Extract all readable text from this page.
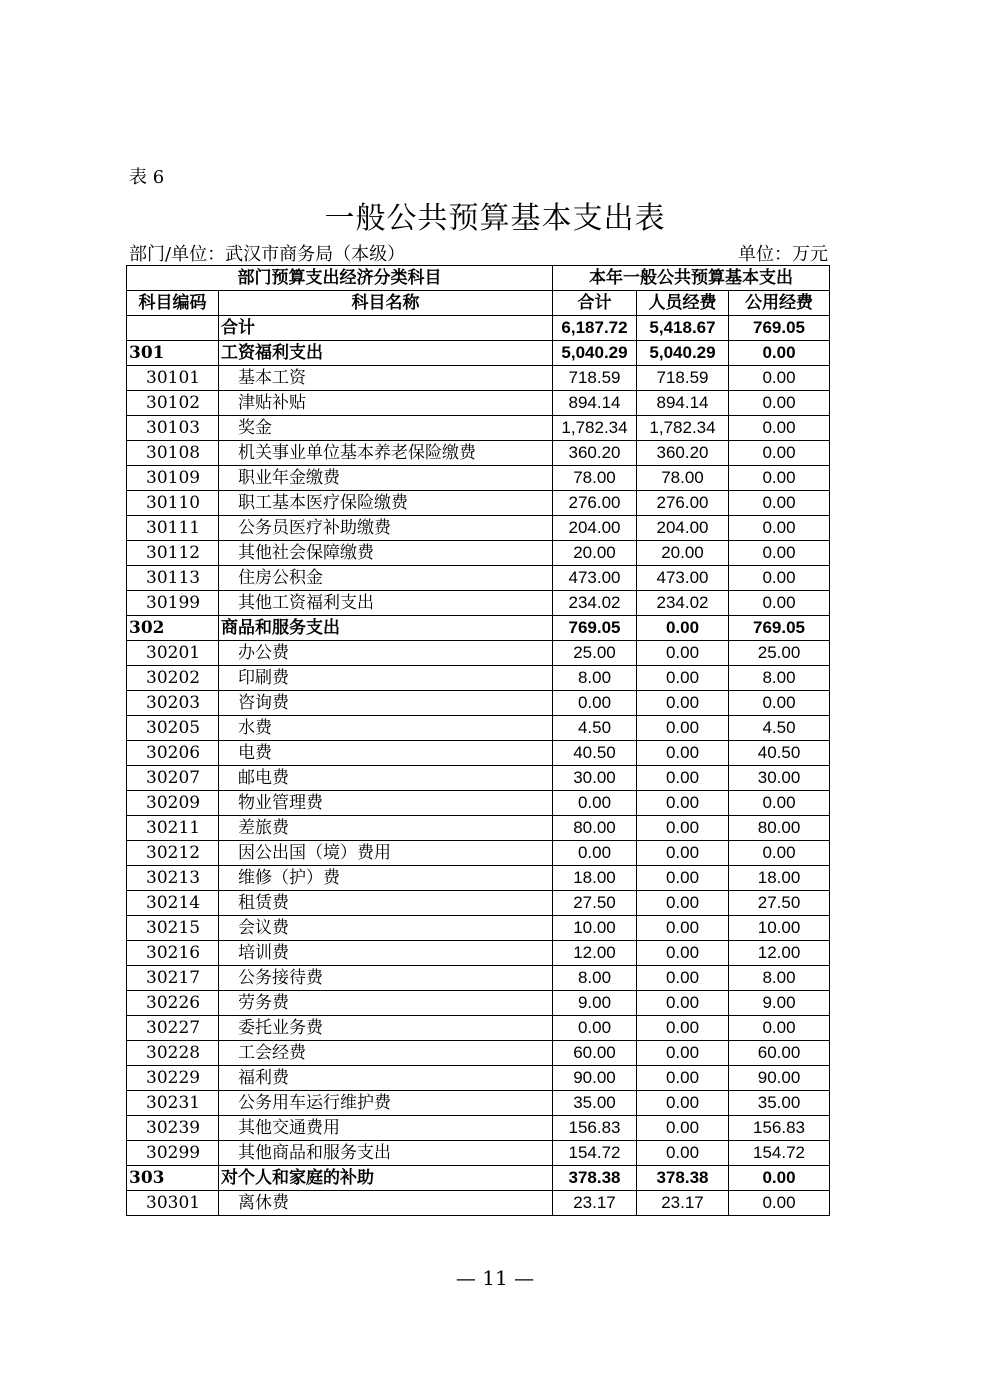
表 6
一般公共预算基本支出表
部门/单位：武汉市商务局（本级）	单位：万元
部门预算支出经济分类科目		本年一般公共预算基本支出		
科目编码	科目名称	合计	人员经费	公用经费
	合计	6,187.72	5,418.67	769.05
301	工资福利支出	5,040.29	5,040.29	0.00
30101	基本工资	718.59	718.59	0.00
30102	津贴补贴	894.14	894.14	0.00
30103	奖金	1,782.34	1,782.34	0.00
30108	机关事业单位基本养老保险缴费	360.20	360.20	0.00
30109	职业年金缴费	78.00	78.00	0.00
30110	职工基本医疗保险缴费	276.00	276.00	0.00
30111	公务员医疗补助缴费	204.00	204.00	0.00
30112	其他社会保障缴费	20.00	20.00	0.00
30113	住房公积金	473.00	473.00	0.00
30199	其他工资福利支出	234.02	234.02	0.00
302	商品和服务支出	769.05	0.00	769.05
30201	办公费	25.00	0.00	25.00
30202	印刷费	8.00	0.00	8.00
30203	咨询费	0.00	0.00	0.00
30205	水费	4.50	0.00	4.50
30206	电费	40.50	0.00	40.50
30207	邮电费	30.00	0.00	30.00
30209	物业管理费	0.00	0.00	0.00
30211	差旅费	80.00	0.00	80.00
30212	因公出国（境）费用	0.00	0.00	0.00
30213	维修（护）费	18.00	0.00	18.00
30214	租赁费	27.50	0.00	27.50
30215	会议费	10.00	0.00	10.00
30216	培训费	12.00	0.00	12.00
30217	公务接待费	8.00	0.00	8.00
30226	劳务费	9.00	0.00	9.00
30227	委托业务费	0.00	0.00	0.00
30228	工会经费	60.00	0.00	60.00
30229	福利费	90.00	0.00	90.00
30231	公务用车运行维护费	35.00	0.00	35.00
30239	其他交通费用	156.83	0.00	156.83
30299	其他商品和服务支出	154.72	0.00	154.72
303	对个人和家庭的补助	378.38	378.38	0.00
30301	离休费	23.17	23.17	0.00
— 11 —
